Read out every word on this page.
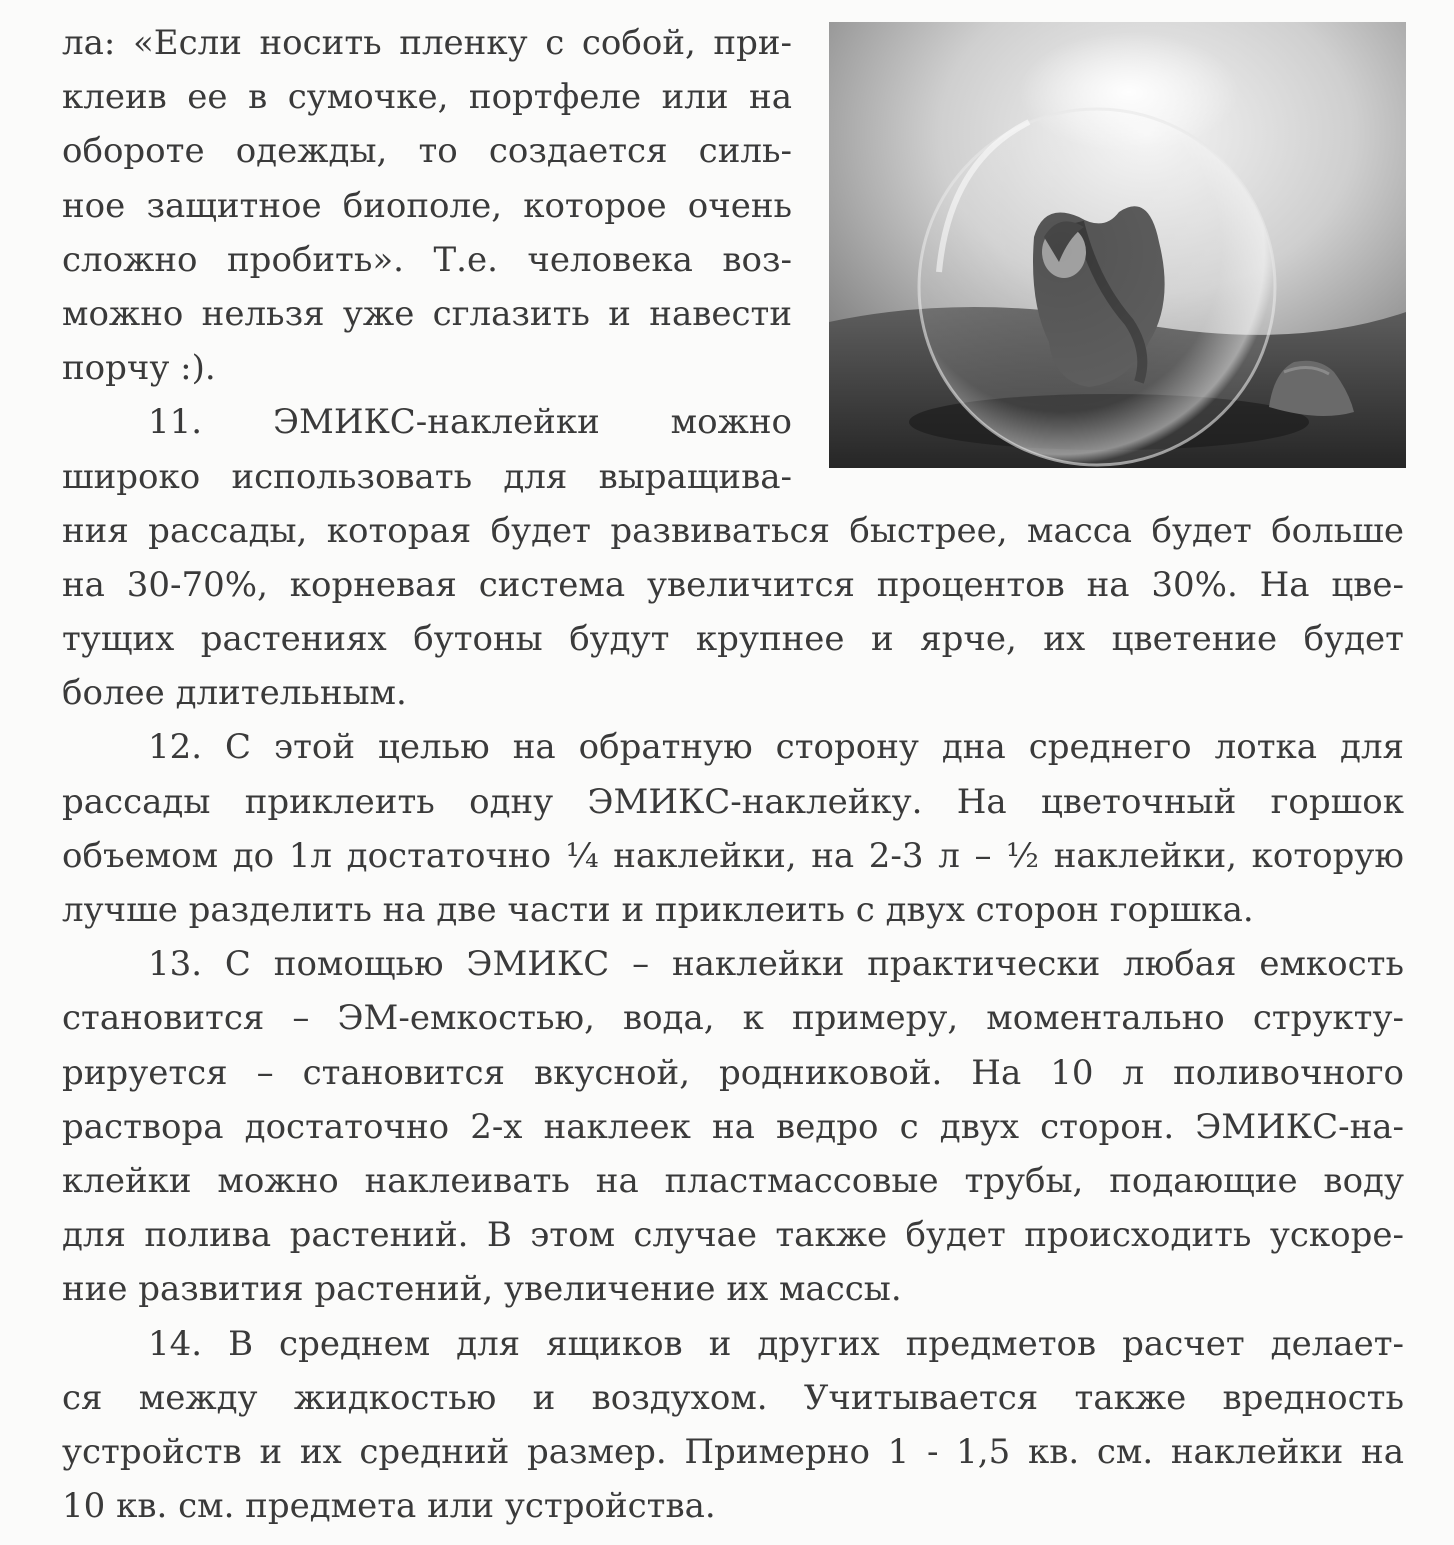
ла: «Если носить пленку с собой, при-
клеив ее в сумочке, портфеле или на
обороте одежды, то создается силь-
ное защитное биополе, которое очень
сложно пробить». Т.е. человека воз-
можно нельзя уже сглазить и навести
порчу :).
11. ЭМИКС-наклейки можно
широко использовать для выращива-
ния рассады, которая будет развиваться быстрее, масса будет больше
на 30-70%, корневая система увеличится процентов на 30%. На цве-
тущих растениях бутоны будут крупнее и ярче, их цветение будет
более длительным.
12. С этой целью на обратную сторону дна среднего лотка для
рассады приклеить одну ЭМИКС-наклейку. На цветочный горшок
объемом до 1л достаточно ¼ наклейки, на 2-3 л – ½ наклейки, которую
лучше разделить на две части и приклеить с двух сторон горшка.
13. С помощью ЭМИКС – наклейки практически любая емкость
становится – ЭМ-емкостью, вода, к примеру, моментально структу-
рируется – становится вкусной, родниковой. На 10 л поливочного
раствора достаточно 2-х наклеек на ведро с двух сторон. ЭМИКС-на-
клейки можно наклеивать на пластмассовые трубы, подающие воду
для полива растений. В этом случае также будет происходить ускоре-
ние развития растений, увеличение их массы.
14. В среднем для ящиков и других предметов расчет делает-
ся между жидкостью и воздухом. Учитывается также вредность
устройств и их средний размер. Примерно 1 - 1,5 кв. см. наклейки на
10 кв. см. предмета или устройства.
